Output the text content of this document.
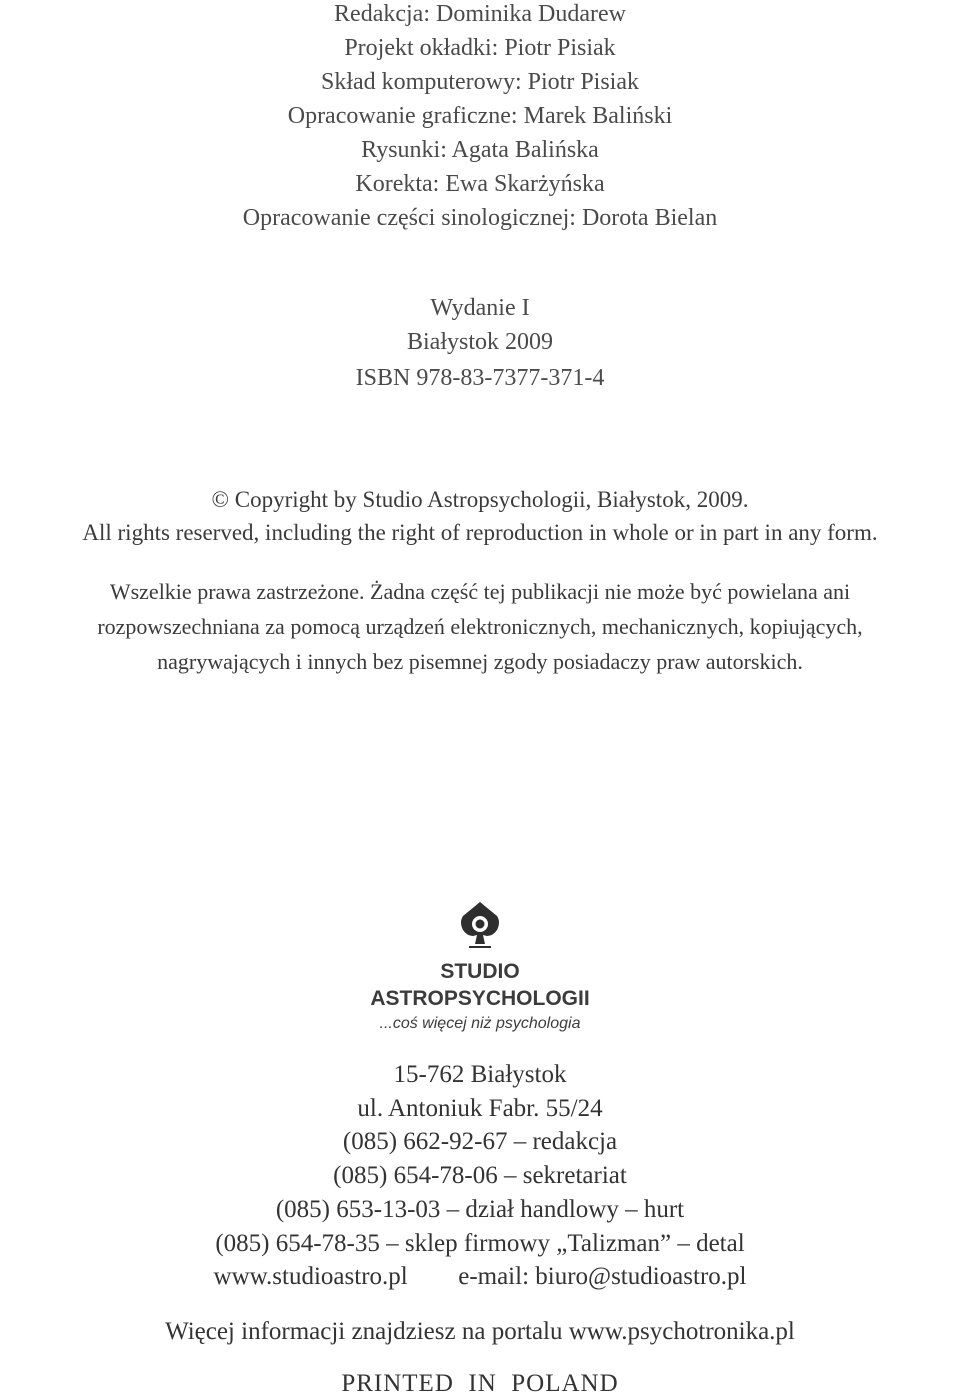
Redakcja: Dominika Dudarew
Projekt okładki: Piotr Pisiak
Skład komputerowy: Piotr Pisiak
Opracowanie graficzne: Marek Baliński
Rysunki: Agata Balińska
Korekta: Ewa Skarżyńska
Opracowanie części sinologicznej: Dorota Bielan
Wydanie I
Białystok 2009
ISBN 978-83-7377-371-4
© Copyright by Studio Astropsychologii, Białystok, 2009.
All rights reserved, including the right of reproduction in whole or in part in any form.
Wszelkie prawa zastrzeżone. Żadna część tej publikacji nie może być powielana ani
rozpowszechniana za pomocą urządzeń elektronicznych, mechanicznych, kopiujących,
nagrywających i innych bez pisemnej zgody posiadaczy praw autorskich.
STUDIO
ASTROPSYCHOLOGII
...coś więcej niż psychologia
15-762 Białystok
ul. Antoniuk Fabr. 55/24
(085) 662-92-67 – redakcja
(085) 654-78-06 – sekretariat
(085) 653-13-03 – dział handlowy – hurt
(085) 654-78-35 – sklep firmowy „Talizman” – detal
www.studioastro.pl e-mail: biuro@studioastro.pl
Więcej informacji znajdziesz na portalu www.psychotronika.pl
PRINTED  IN  POLAND
